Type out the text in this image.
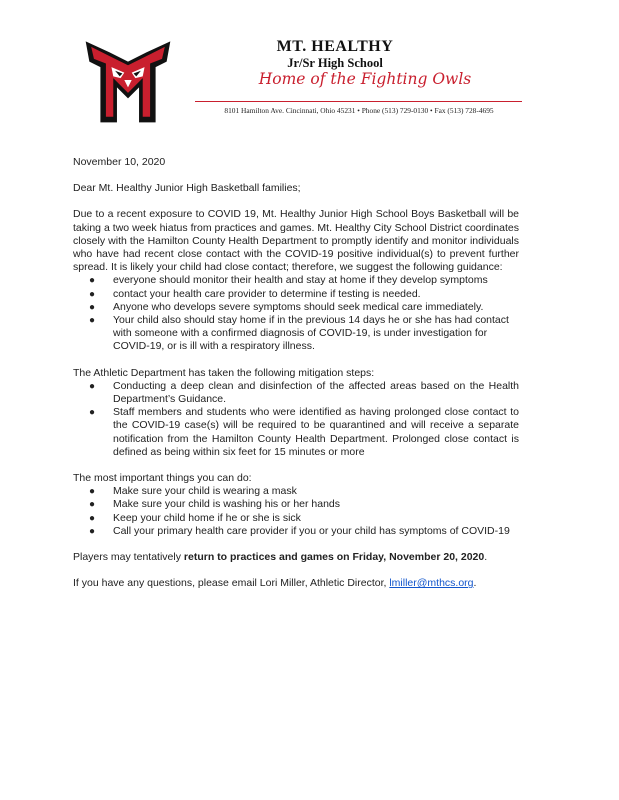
MT. HEALTHY
Jr/Sr High School
Home of the Fighting Owls
8101 Hamilton Ave. Cincinnati, Ohio 45231 • Phone (513) 729-0130 • Fax (513) 728-4695

November 10, 2020

Dear Mt. Healthy Junior High Basketball families;

Due to a recent exposure to COVID 19, Mt. Healthy Junior High School Boys Basketball will be taking a two week hiatus from practices and games. Mt. Healthy City School District coordinates closely with the Hamilton County Health Department to promptly identify and monitor individuals who have had recent close contact with the COVID-19 positive individual(s) to prevent further spread. It is likely your child had close contact; therefore, we suggest the following guidance:

● everyone should monitor their health and stay at home if they develop symptoms
● contact your health care provider to determine if testing is needed.
● Anyone who develops severe symptoms should seek medical care immediately.
● Your child also should stay home if in the previous 14 days he or she has had contact with someone with a confirmed diagnosis of COVID-19, is under investigation for COVID-19, or is ill with a respiratory illness.

The Athletic Department has taken the following mitigation steps:

● Conducting a deep clean and disinfection of the affected areas based on the Health Department’s Guidance.
● Staff members and students who were identified as having prolonged close contact to the COVID-19 case(s) will be required to be quarantined and will receive a separate notification from the Hamilton County Health Department. Prolonged close contact is defined as being within six feet for 15 minutes or more

The most important things you can do:

● Make sure your child is wearing a mask
● Make sure your child is washing his or her hands
● Keep your child home if he or she is sick
● Call your primary health care provider if you or your child has symptoms of COVID-19

Players may tentatively return to practices and games on Friday, November 20, 2020.

If you have any questions, please email Lori Miller, Athletic Director, lmiller@mthcs.org.
